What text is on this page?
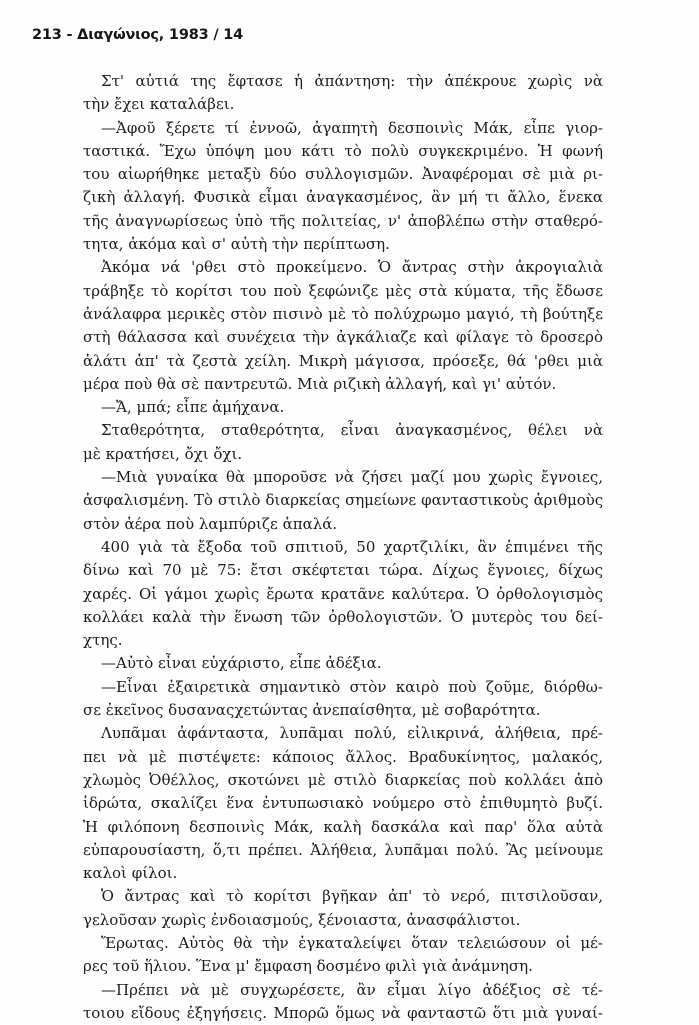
213 - Διαγώνιος, 1983 / 14
Στ' αὐτιά της ἔφτασε ἡ ἀπάντηση: τὴν ἀπέκρουε χωρὶς νὰ
τὴν ἔχει καταλάβει.
—Ἀφοῦ ξέρετε τί ἐννοῶ, ἀγαπητὴ δεσποινὶς Μάκ, εἶπε γιορ-
ταστικά. Ἔχω ὑπόψη μου κάτι τὸ πολὺ συγκεκριμένο. Ἡ φωνή
του αἰωρήθηκε μεταξὺ δύο συλλογισμῶν. Ἀναφέρομαι σὲ μιὰ ρι-
ζικὴ ἀλλαγή. Φυσικὰ εἶμαι ἀναγκασμένος, ἂν μή τι ἄλλο, ἕνεκα
τῆς ἀναγνωρίσεως ὑπὸ τῆς πολιτείας, ν' ἀποβλέπω στὴν σταθερό-
τητα, ἀκόμα καὶ σ' αὐτὴ τὴν περίπτωση.
Ἀκόμα νά 'ρθει στὸ προκείμενο. Ὁ ἄντρας στὴν ἀκρογιαλιὰ
τράβηξε τὸ κορίτσι του ποὺ ξεφώνιζε μὲς στὰ κύματα, τῆς ἔδωσε
ἀνάλαφρα μερικὲς στὸν πισινὸ μὲ τὸ πολύχρωμο μαγιό, τὴ βούτηξε
στὴ θάλασσα καὶ συνέχεια τὴν ἀγκάλιαζε καὶ φίλαγε τὸ δροσερὸ
ἁλάτι ἀπ' τὰ ζεστὰ χείλη. Μικρὴ μάγισσα, πρόσεξε, θά 'ρθει μιὰ
μέρα ποὺ θὰ σὲ παντρευτῶ. Μιὰ ριζικὴ ἀλλαγή, καὶ γι' αὐτόν.
—Ἄ, μπά; εἶπε ἀμήχανα.
Σταθερότητα, σταθερότητα, εἶναι ἀναγκασμένος, θέλει νὰ
μὲ κρατήσει, ὄχι ὄχι.
—Μιὰ γυναίκα θὰ μποροῦσε νὰ ζήσει μαζί μου χωρὶς ἔγνοιες,
ἀσφαλισμένη. Τὸ στιλὸ διαρκείας σημείωνε φανταστικοὺς ἀριθμοὺς
στὸν ἀέρα ποὺ λαμπύριζε ἁπαλά.
400 γιὰ τὰ ἔξοδα τοῦ σπιτιοῦ, 50 χαρτζιλίκι, ἂν ἐπιμένει τῆς
δίνω καὶ 70 μὲ 75: ἔτσι σκέφτεται τώρα. Δίχως ἔγνοιες, δίχως
χαρές. Οἱ γάμοι χωρὶς ἔρωτα κρατᾶνε καλύτερα. Ὁ ὀρθολογισμὸς
κολλάει καλὰ τὴν ἕνωση τῶν ὀρθολογιστῶν. Ὁ μυτερὸς του δεί-
χτης.
—Αὐτὸ εἶναι εὐχάριστο, εἶπε ἀδέξια.
—Εἶναι ἐξαιρετικὰ σημαντικὸ στὸν καιρὸ ποὺ ζοῦμε, διόρθω-
σε ἐκεῖνος δυσαναςχετώντας ἀνεπαίσθητα, μὲ σοβαρότητα.
Λυπᾶμαι ἀφάνταστα, λυπᾶμαι πολύ, εἰλικρινά, ἀλήθεια, πρέ-
πει νὰ μὲ πιστέψετε: κάποιος ἄλλος. Βραδυκίνητος, μαλακός,
χλωμὸς Ὀθέλλος, σκοτώνει μὲ στιλὸ διαρκείας ποὺ κολλάει ἀπὸ
ἱδρώτα, σκαλίζει ἕνα ἐντυπωσιακὸ νούμερο στὸ ἐπιθυμητὸ βυζί.
Ἡ φιλόπονη δεσποινὶς Μάκ, καλὴ δασκάλα καὶ παρ' ὅλα αὐτὰ
εὐπαρουσίαστη, ὅ,τι πρέπει. Ἀλήθεια, λυπᾶμαι πολύ. Ἂς μείνουμε
καλοὶ φίλοι.
Ὁ ἄντρας καὶ τὸ κορίτσι βγῆκαν ἀπ' τὸ νερό, πιτσιλοῦσαν,
γελοῦσαν χωρὶς ἐνδοιασμούς, ξένοιαστα, ἀνασφάλιστοι.
Ἔρωτας. Αὐτὸς θὰ τὴν ἐγκαταλείψει ὅταν τελειώσουν οἱ μέ-
ρες τοῦ ἥλιου. Ἕνα μ' ἔμφαση δοσμένο φιλὶ γιὰ ἀνάμνηση.
—Πρέπει νὰ μὲ συγχωρέσετε, ἂν εἶμαι λίγο ἀδέξιος σὲ τέ-
τοιου εἴδους ἐξηγήσεις. Μπορῶ ὅμως νὰ φανταστῶ ὅτι μιὰ γυναί-
